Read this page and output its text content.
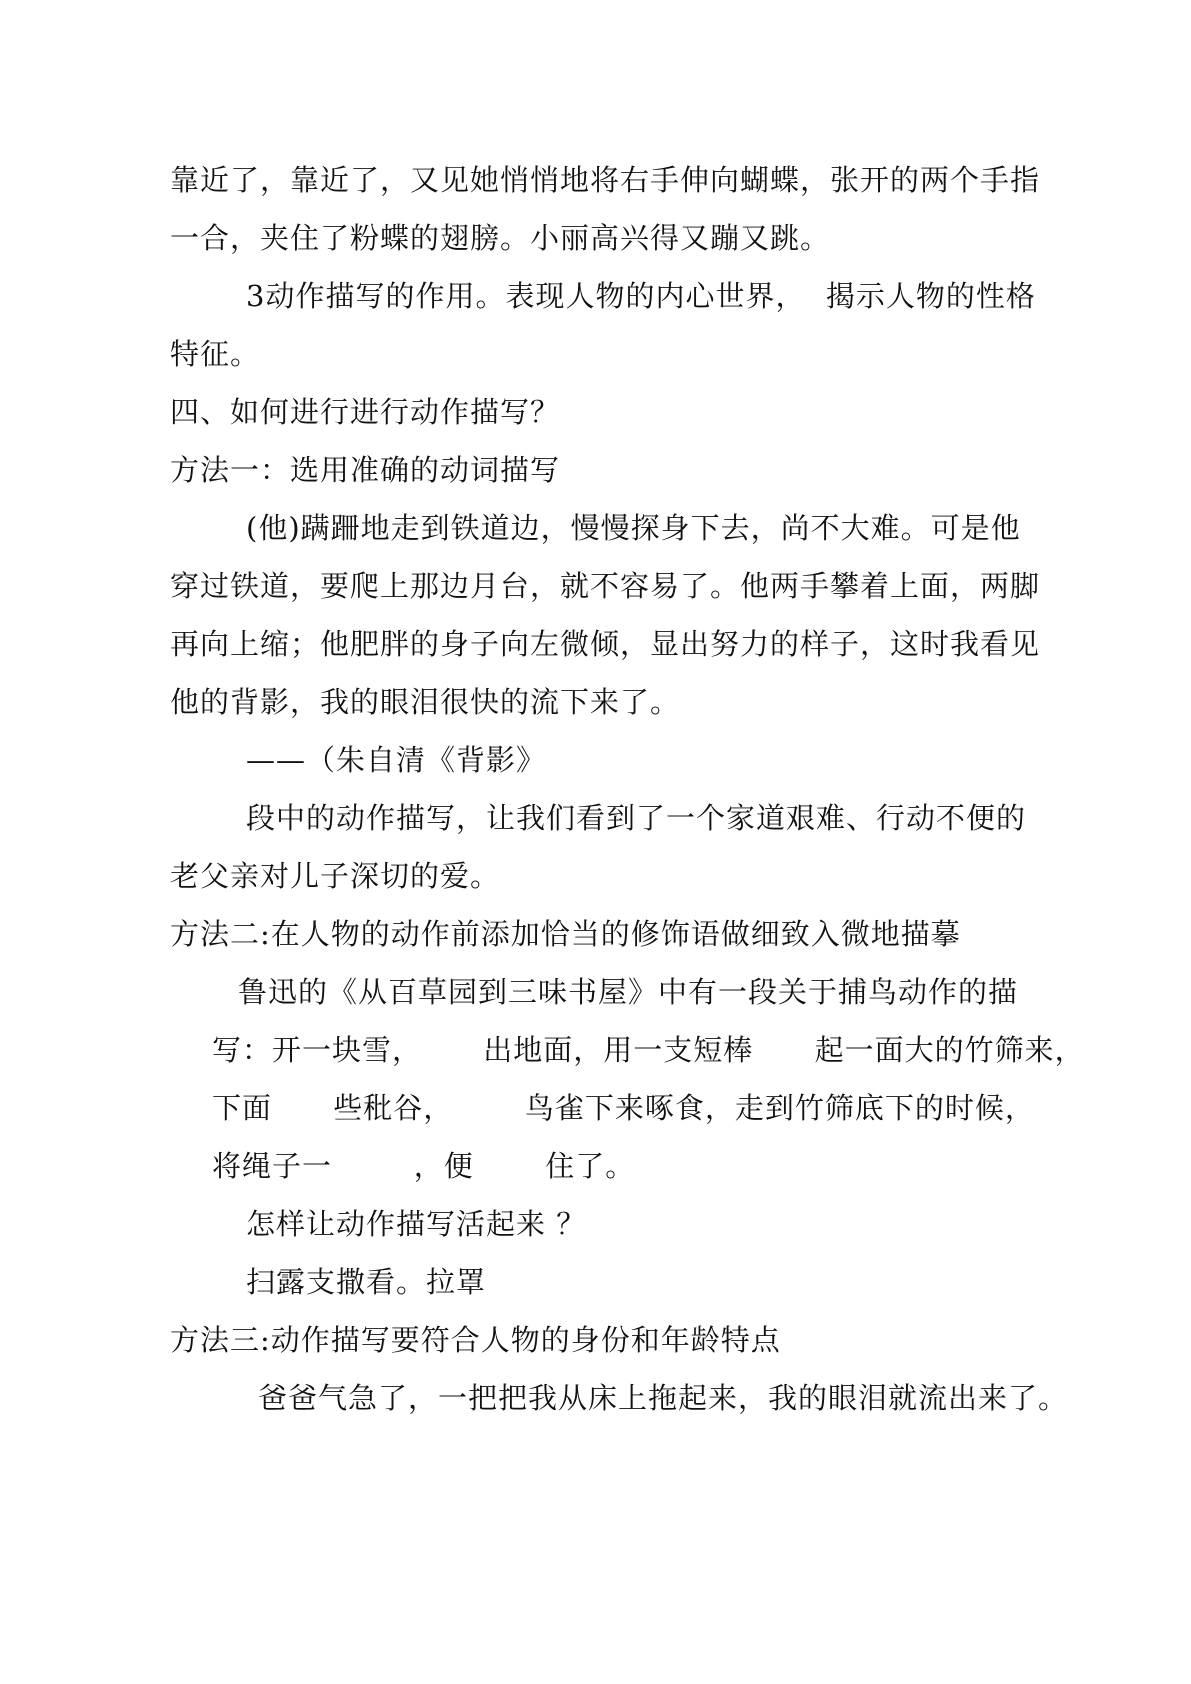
靠近了，靠近了，又见她悄悄地将右手伸向蝴蝶，张开的两个手指
一合，夹住了粉蝶的翅膀。小丽高兴得又蹦又跳。
3动作描写的作用。表现人物的内心世界，  揭示人物的性格
特征。
四、如何进行进行动作描写？
方法一：选用准确的动词描写
(他)蹒跚地走到铁道边，慢慢探身下去，尚不大难。可是他
穿过铁道，要爬上那边月台，就不容易了。他两手攀着上面，两脚
再向上缩；他肥胖的身子向左微倾，显出努力的样子，这时我看见
他的背影，我的眼泪很快的流下来了。
——（朱自清《背影》
段中的动作描写，让我们看到了一个家道艰难、行动不便的
老父亲对儿子深切的爱。
方法二:在人物的动作前添加恰当的修饰语做细致入微地描摹
鲁迅的《从百草园到三味书屋》中有一段关于捕鸟动作的描
写：开一块雪，      出地面，用一支短棒      起一面大的竹筛来，
下面      些秕谷，       鸟雀下来啄食，走到竹筛底下的时候，
将绳子一        ，便       住了。
怎样让动作描写活起来 ？
扫露支撒看。拉罩
方法三:动作描写要符合人物的身份和年龄特点
爸爸气急了，一把把我从床上拖起来，我的眼泪就流出来了。
